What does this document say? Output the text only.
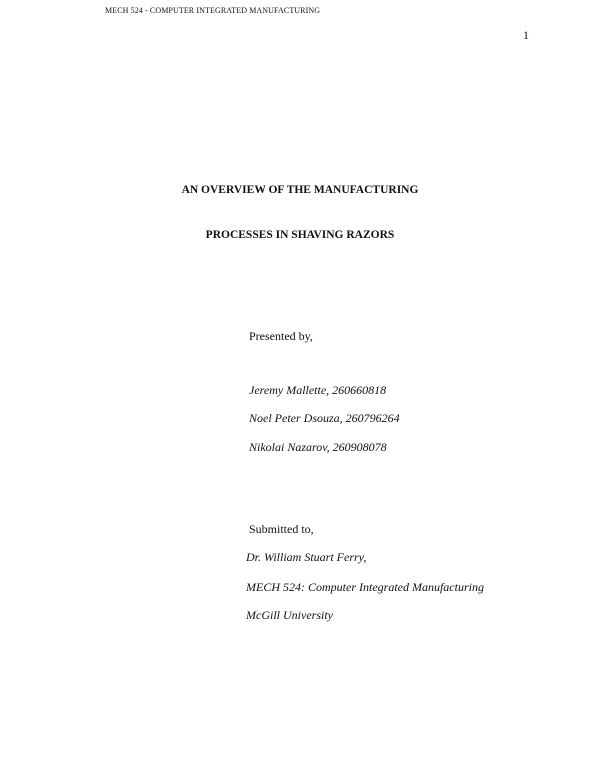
MECH 524 - COMPUTER INTEGRATED MANUFACTURING
1
AN OVERVIEW OF THE MANUFACTURING
PROCESSES IN SHAVING RAZORS
Presented by,
Jeremy Mallette, 260660818
Noel Peter Dsouza, 260796264
Nikolai Nazarov, 260908078
Submitted to,
Dr. William Stuart Ferry,
MECH 524: Computer Integrated Manufacturing
McGill University
